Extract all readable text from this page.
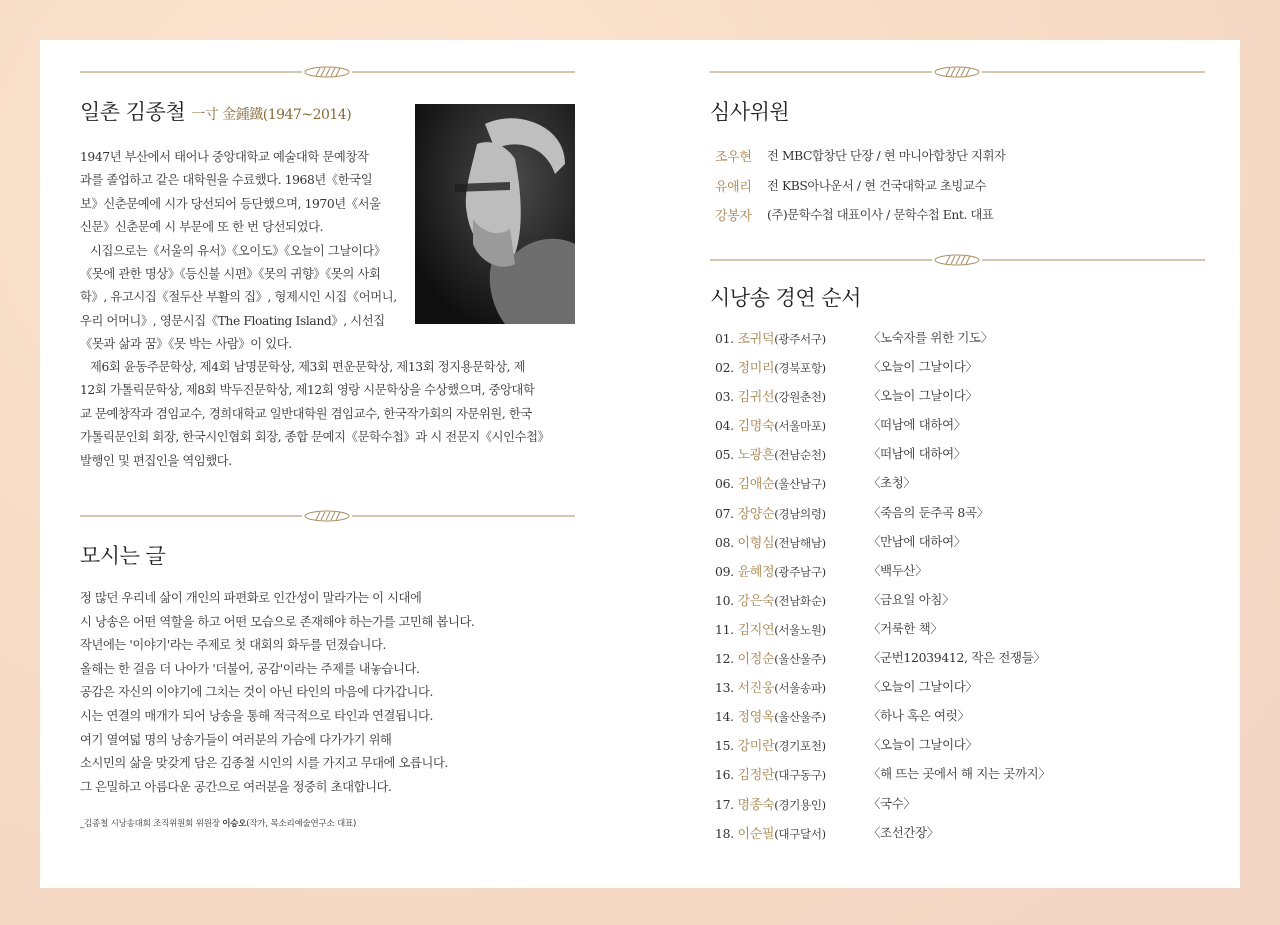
일촌 김종철 一寸 金鍾鐵(1947~2014)

1947년 부산에서 태어나 중앙대학교 예술대학 문예창작

과를 졸업하고 같은 대학원을 수료했다. 1968년《한국일

보》신춘문예에 시가 당선되어 등단했으며, 1970년《서울

신문》신춘문예 시 부문에 또 한 번 당선되었다.

시집으로는《서울의 유서》《오이도》《오늘이 그날이다》

《못에 관한 명상》《등신불 시편》《못의 귀향》《못의 사회

학》, 유고시집《절두산 부활의 집》, 형제시인 시집《어머니,

우리 어머니》, 영문시집《The Floating Island》, 시선집

《못과 삶과 꿈》《못 박는 사람》이 있다.

제6회 윤동주문학상, 제4회 남명문학상, 제3회 편운문학상, 제13회 정지용문학상, 제

12회 가톨릭문학상, 제8회 박두진문학상, 제12회 영랑 시문학상을 수상했으며, 중앙대학

교 문예창작과 겸임교수, 경희대학교 일반대학원 겸임교수, 한국작가회의 자문위원, 한국

가톨릭문인회 회장, 한국시인협회 회장, 종합 문예지《문학수첩》과 시 전문지《시인수첩》

발행인 및 편집인을 역임했다.

모시는 글
정 많던 우리네 삶이 개인의 파편화로 인간성이 말라가는 이 시대에
시 낭송은 어떤 역할을 하고 어떤 모습으로 존재해야 하는가를 고민해 봅니다.
작년에는 '이야기'라는 주제로 첫 대회의 화두를 던졌습니다.
올해는 한 걸음 더 나아가 '더불어, 공감'이라는 주제를 내놓습니다.
공감은 자신의 이야기에 그치는 것이 아닌 타인의 마음에 다가갑니다.
시는 연결의 매개가 되어 낭송을 통해 적극적으로 타인과 연결됩니다.
여기 열여덟 명의 낭송가들이 여러분의 가슴에 다가가기 위해
소시민의 삶을 맞갖게 담은 김종철 시인의 시를 가지고 무대에 오릅니다.
그 은밀하고 아름다운 공간으로 여러분을 정중히 초대합니다.
_김종철 시낭송대회 조직위원회 위원장 이승오(작가, 목소리예술연구소 대표)
심사위원
조우현	전 MBC합창단 단장 / 현 마니아합창단 지휘자
유애리	전 KBS아나운서 / 현 건국대학교 초빙교수
강봉자	(주)문학수첩 대표이사 / 문학수첩 Ent. 대표
시낭송 경연 순서
01. 조귀덕(광주서구)	〈노숙자를 위한 기도〉
02. 정미리(경북포항)	〈오늘이 그날이다〉
03. 김귀선(강원춘천)	〈오늘이 그날이다〉
04. 김명숙(서울마포)	〈떠남에 대하여〉
05. 노광흔(전남순천)	〈떠남에 대하여〉
06. 김애순(울산남구)	〈초청〉
07. 장양순(경남의령)	〈죽음의 둔주곡 8곡〉
08. 이형심(전남해남)	〈만남에 대하여〉
09. 윤혜정(광주남구)	〈백두산〉
10. 강은숙(전남화순)	〈금요일 아침〉
11. 김지연(서울노원)	〈거룩한 책〉
12. 이정순(울산울주)	〈군번12039412, 작은 전쟁들〉
13. 서진웅(서울송파)	〈오늘이 그날이다〉
14. 정영옥(울산울주)	〈하나 혹은 여럿〉
15. 강미란(경기포천)	〈오늘이 그날이다〉
16. 김정란(대구동구)	〈해 뜨는 곳에서 해 지는 곳까지〉
17. 명종숙(경기용인)	〈국수〉
18. 이순필(대구달서)	〈조선간장〉
